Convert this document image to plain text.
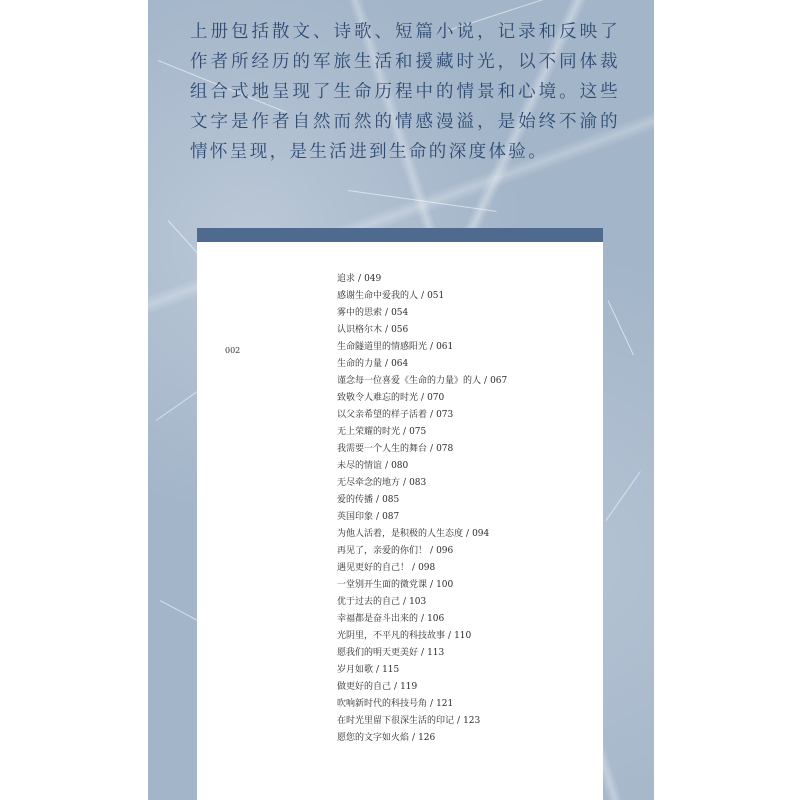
上册包括散文、诗歌、短篇小说，记录和反映了作者所经历的军旅生活和援藏时光，以不同体裁组合式地呈现了生命历程中的情景和心境。这些文字是作者自然而然的情感漫溢，是始终不渝的情怀呈现，是生活进到生命的深度体验。

002
追求 / 049
感谢生命中爱我的人 / 051
雾中的思索 / 054
认识格尔木 / 056
生命隧道里的情感阳光 / 061
生命的力量 / 064
谨念每一位喜爱《生命的力量》的人 / 067
致敬令人难忘的时光 / 070
以父亲希望的样子活着 / 073
无上荣耀的时光 / 075
我需要一个人生的舞台 / 078
未尽的情谊 / 080
无尽牵念的地方 / 083
爱的传播 / 085
英国印象 / 087
为他人活着，是积极的人生态度 / 094
再见了，亲爱的你们！ / 096
遇见更好的自己！ / 098
一堂别开生面的微党课 / 100
优于过去的自己 / 103
幸福都是奋斗出来的 / 106
光阴里，不平凡的科技故事 / 110
愿我们的明天更美好 / 113
岁月如歌 / 115
做更好的自己 / 119
吹响新时代的科技号角 / 121
在时光里留下很深生活的印记 / 123
愿您的文字如火焰 / 126
